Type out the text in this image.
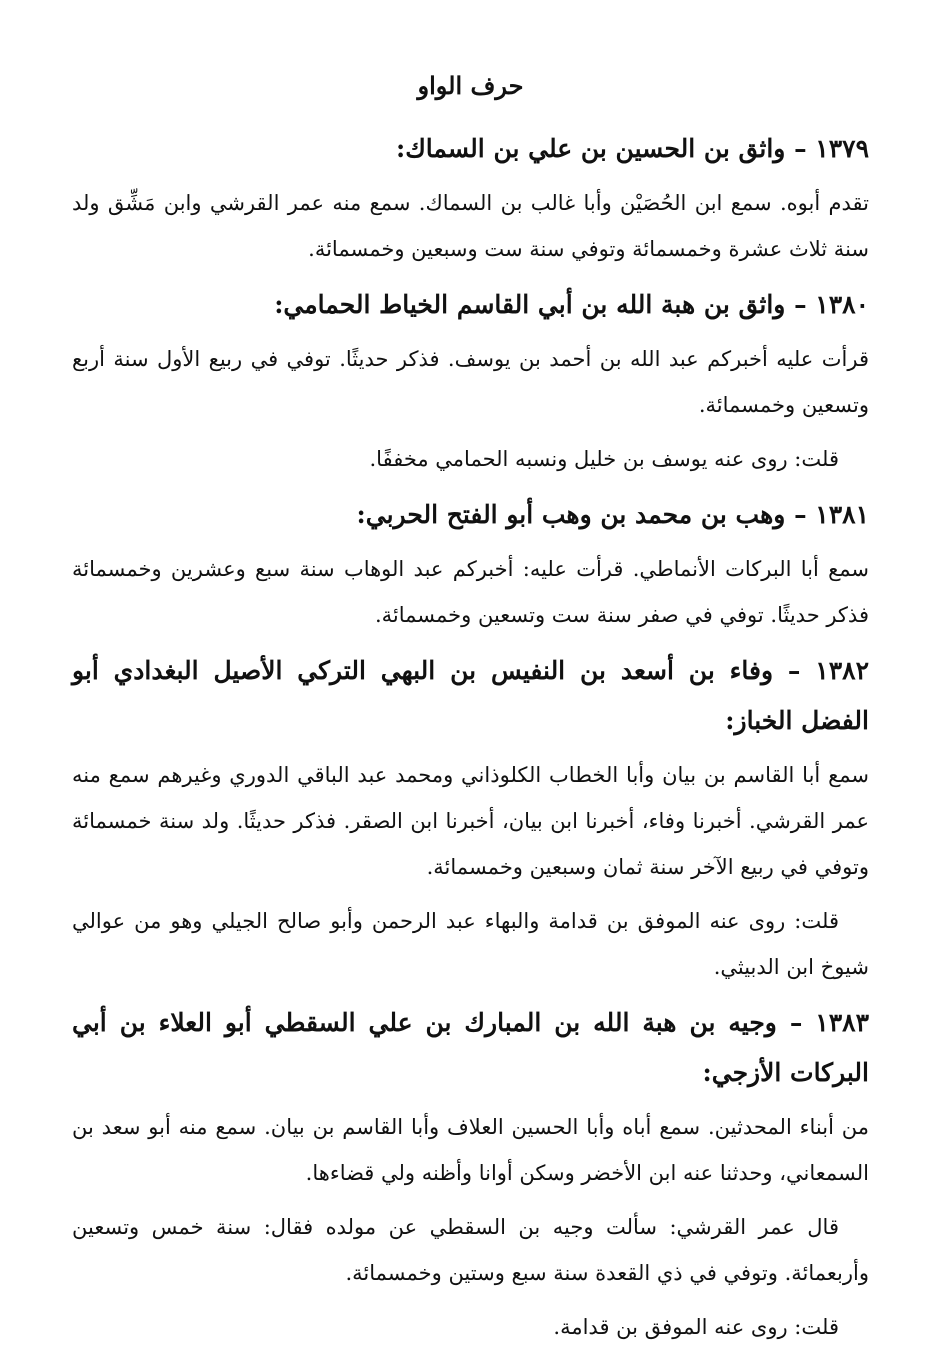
حرف الواو
١٣٧٩ – واثق بن الحسين بن علي بن السماك:

تقدم أبوه. سمع ابن الحُصَيْن وأبا غالب بن السماك. سمع منه عمر القرشي وابن مَشِّق ولد سنة ثلاث عشرة وخمسمائة وتوفي سنة ست وسبعين وخمسمائة.

١٣٨٠ – واثق بن هبة الله بن أبي القاسم الخياط الحمامي:

قرأت عليه أخبركم عبد الله بن أحمد بن يوسف. فذكر حديثًا. توفي في ربيع الأول سنة أربع وتسعين وخمسمائة.

قلت: روى عنه يوسف بن خليل ونسبه الحمامي مخففًا.

١٣٨١ – وهب بن محمد بن وهب أبو الفتح الحربي:

سمع أبا البركات الأنماطي. قرأت عليه: أخبركم عبد الوهاب سنة سبع وعشرين وخمسمائة فذكر حديثًا. توفي في صفر سنة ست وتسعين وخمسمائة.

١٣٨٢ – وفاء بن أسعد بن النفيس بن البهي التركي الأصيل البغدادي أبو الفضل الخباز:

سمع أبا القاسم بن بيان وأبا الخطاب الكلوذاني ومحمد عبد الباقي الدوري وغيرهم سمع منه عمر القرشي. أخبرنا وفاء، أخبرنا ابن بيان، أخبرنا ابن الصقر. فذكر حديثًا. ولد سنة خمسمائة وتوفي في ربيع الآخر سنة ثمان وسبعين وخمسمائة.

قلت: روى عنه الموفق بن قدامة والبهاء عبد الرحمن وأبو صالح الجيلي وهو من عوالي شيوخ ابن الدبيثي.

١٣٨٣ – وجيه بن هبة الله بن المبارك بن علي السقطي أبو العلاء بن أبي البركات الأزجي:

من أبناء المحدثين. سمع أباه وأبا الحسين العلاف وأبا القاسم بن بيان. سمع منه أبو سعد بن السمعاني، وحدثنا عنه ابن الأخضر وسكن أوانا وأظنه ولي قضاءها.

قال عمر القرشي: سألت وجيه بن السقطي عن مولده فقال: سنة خمس وتسعين وأربعمائة. وتوفي في ذي القعدة سنة سبع وستين وخمسمائة.

قلت: روى عنه الموفق بن قدامة.
